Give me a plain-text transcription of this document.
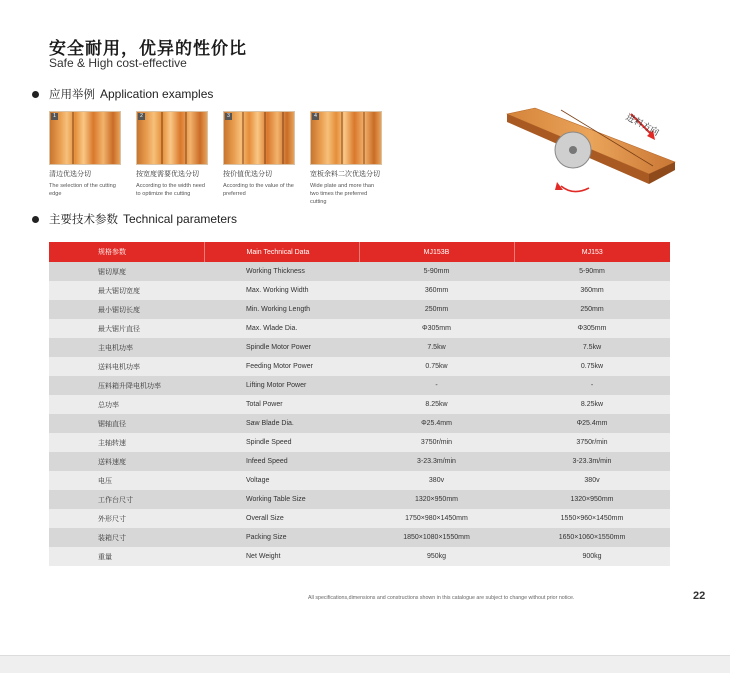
安全耐用，优异的性价比
Safe & High cost-effective
应用举例 Application examples
1
清边优选分切
The selection of the cutting edge
2
按宽度需要优选分切
According to the width need to optimize the cutting
3
按价值优选分切
According to the value of the preferred
4
宽板余料二次优选分切
Wide plate and more than two times the preferred cutting
进料方向
主要技术参数 Technical parameters
规格参数	Main Technical Data	MJ153B	MJ153
锯切厚度	Working Thickness	5-90mm	5-90mm
最大锯切宽度	Max. Working Width	360mm	360mm
最小锯切长度	Min. Working Length	250mm	250mm
最大锯片直径	Max. Wlade Dia.	Φ305mm	Φ305mm
主电机功率	Spindle Motor Power	7.5kw	7.5kw
送料电机功率	Feeding Motor Power	0.75kw	0.75kw
压料箱升降电机功率	Lifting Motor Power	-	-
总功率	Total Power	8.25kw	8.25kw
锯轴直径	Saw Blade Dia.	Φ25.4mm	Φ25.4mm
主轴转速	Spindle Speed	3750r/min	3750r/min
送料速度	Infeed Speed	3-23.3m/min	3-23.3m/min
电压	Voltage	380v	380v
工作台尺寸	Working Table Size	1320×950mm	1320×950mm
外形尺寸	Overall Size	1750×980×1450mm	1550×960×1450mm
装箱尺寸	Packing Size	1850×1080×1550mm	1650×1060×1550mm
重量	Net Weight	950kg	900kg
All specifications,dimensions and constructions shown in this catalogue are subject to change without prior notice.	22
